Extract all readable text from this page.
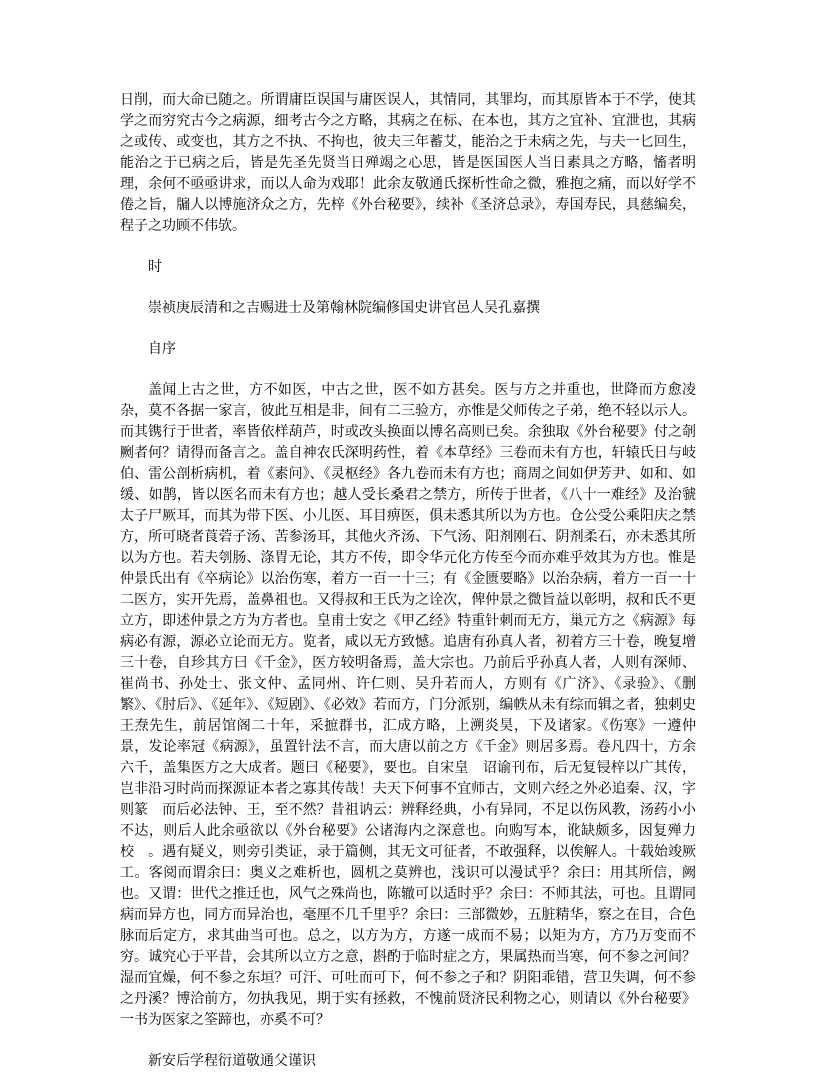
日削，而大命已随之。所谓庸臣误国与庸医误人，其情同，其罪均，而其原皆本于不学，使其学之而穷究古今之病源，细考古今之方略，其病之在标、在本也，其方之宜补、宜泄也，其病之或传、或变也，其方之不执、不拘也，彼夫三年蓄艾，能治之于未病之先，与夫一匕回生，能治之于已病之后，皆是先圣先贤当日殚竭之心思，皆是医国医人当日素具之方略，慉者明理，余何不亟亟讲求，而以人命为戏耶！此余友敬通氏探析性命之微，雅抱之痛，而以好学不倦之旨，牖人以博施济众之方，先梓《外台秘要》，续补《圣济总录》，寿国寿民，具慈编矣，程子之功顾不伟欤。

时

崇祯庚辰清和之吉赐进士及第翰林院编修国史讲官邑人吴孔嘉撰

自序

盖闻上古之世，方不如医，中古之世，医不如方甚矣。医与方之并重也，世降而方愈凌杂，莫不各据一家言，彼此互相是非，间有二三验方，亦惟是父师传之子弟，绝不轻以示人。而其镌行于世者，率皆依样葫芦，时或改头换面以博名高则已矣。余独取《外台秘要》付之剞劂者何？请得而备言之。盖自神农氏深明药性，着《本草经》三卷而未有方也，轩辕氏日与岐伯、雷公剖析病机，着《素问》、《灵枢经》各九卷而未有方也；商周之间如伊芳尹、如和、如缓、如鹊，皆以医名而未有方也；越人受长桑君之禁方，所传于世者，《八十一难经》及治虢太子尸厥耳，而其为带下医、小儿医、耳目痹医，俱未悉其所以为方也。仓公受公乘阳庆之禁方，所可晓者莨菪子汤、苦参汤耳，其他火齐汤、下气汤、阳剂刚石、阴剂柔石，亦未悉其所以为方也。若夫刳肠、涤胃无论，其方不传，即令华元化方传至今而亦难乎效其为方也。惟是仲景氏出有《卒病论》以治伤寒，着方一百一十三；有《金匮要略》以治杂病，着方一百一十二医方，实开先焉，盖鼻祖也。又得叔和王氏为之诠次，俾仲景之微旨益以彰明，叔和氏不更立方，即述仲景之方为方者也。皇甫士安之《甲乙经》特重针刺而无方，巢元方之《病源》每病必有源，源必立论而无方。览者，咸以无方致憾。追唐有孙真人者，初着方三十卷，晚复增三十卷，自珍其方曰《千金》，医方较明备焉，盖大宗也。乃前后乎孙真人者，人则有深师、崔尚书、孙处士、张文仲、孟同州、许仁则、吴升若而人，方则有《广济》、《录验》、《删繁》、《肘后》、《延年》、《短剧》、《必效》若而方，门分派别，编帙从未有综而辑之者，独刺史王焘先生，前居馆阁二十年，采摭群书，汇成方略，上溯炎昊，下及诸家。《伤寒》一遵仲景，发论率冠《病源》，虽置针法不言，而大唐以前之方《千金》则居多焉。卷凡四十，方余六千，盖集医方之大成者。题曰《秘要》，要也。自宋皇　诏谕刊布，后无复锓梓以广其传，岂非沿习时尚而探源证本者之寡其传哉！夫天下何事不宜师古，文则六经之外必追秦、汉，字则篆　而后必法钟、王，至不然？昔祖讷云：辨释经典，小有异同，不足以伤风教，汤药小小不达，则后人此余亟欲以《外台秘要》公诸海内之深意也。向购写本，讹缺颇多，因复殚力校　。遇有疑义，则旁引类证，录于篇侧，其无文可征者，不敢强释，以俟解人。十载始竣厥工。客阅而谓余曰：奥义之难析也，圆机之莫辨也，浅识可以漫试乎？余曰：用其所信，阙也。又谓：世代之推迁也，风气之殊尚也，陈辙可以适时乎？余曰：不师其法，可也。且谓同病而异方也，同方而异治也，毫厘不几千里乎？余曰：三部微妙，五脏精华，察之在目，合色脉而后定方，求其曲当可也。总之，以方为方，方遂一成而不易；以矩为方，方乃万变而不穷。诚究心于平昔，会其所以立方之意，斟酌于临时症之方，果属热而当寒，何不参之河间？湿而宜燥，何不参之东垣？可汗、可吐而可下，何不参之子和？阴阳乖错，营卫失调，何不参之丹溪？博洽前方，勿执我见，期于实有拯救，不愧前贤济民利物之心，则请以《外台秘要》一书为医家之筌蹄也，亦奚不可？

新安后学程衍道敬通父谨识
